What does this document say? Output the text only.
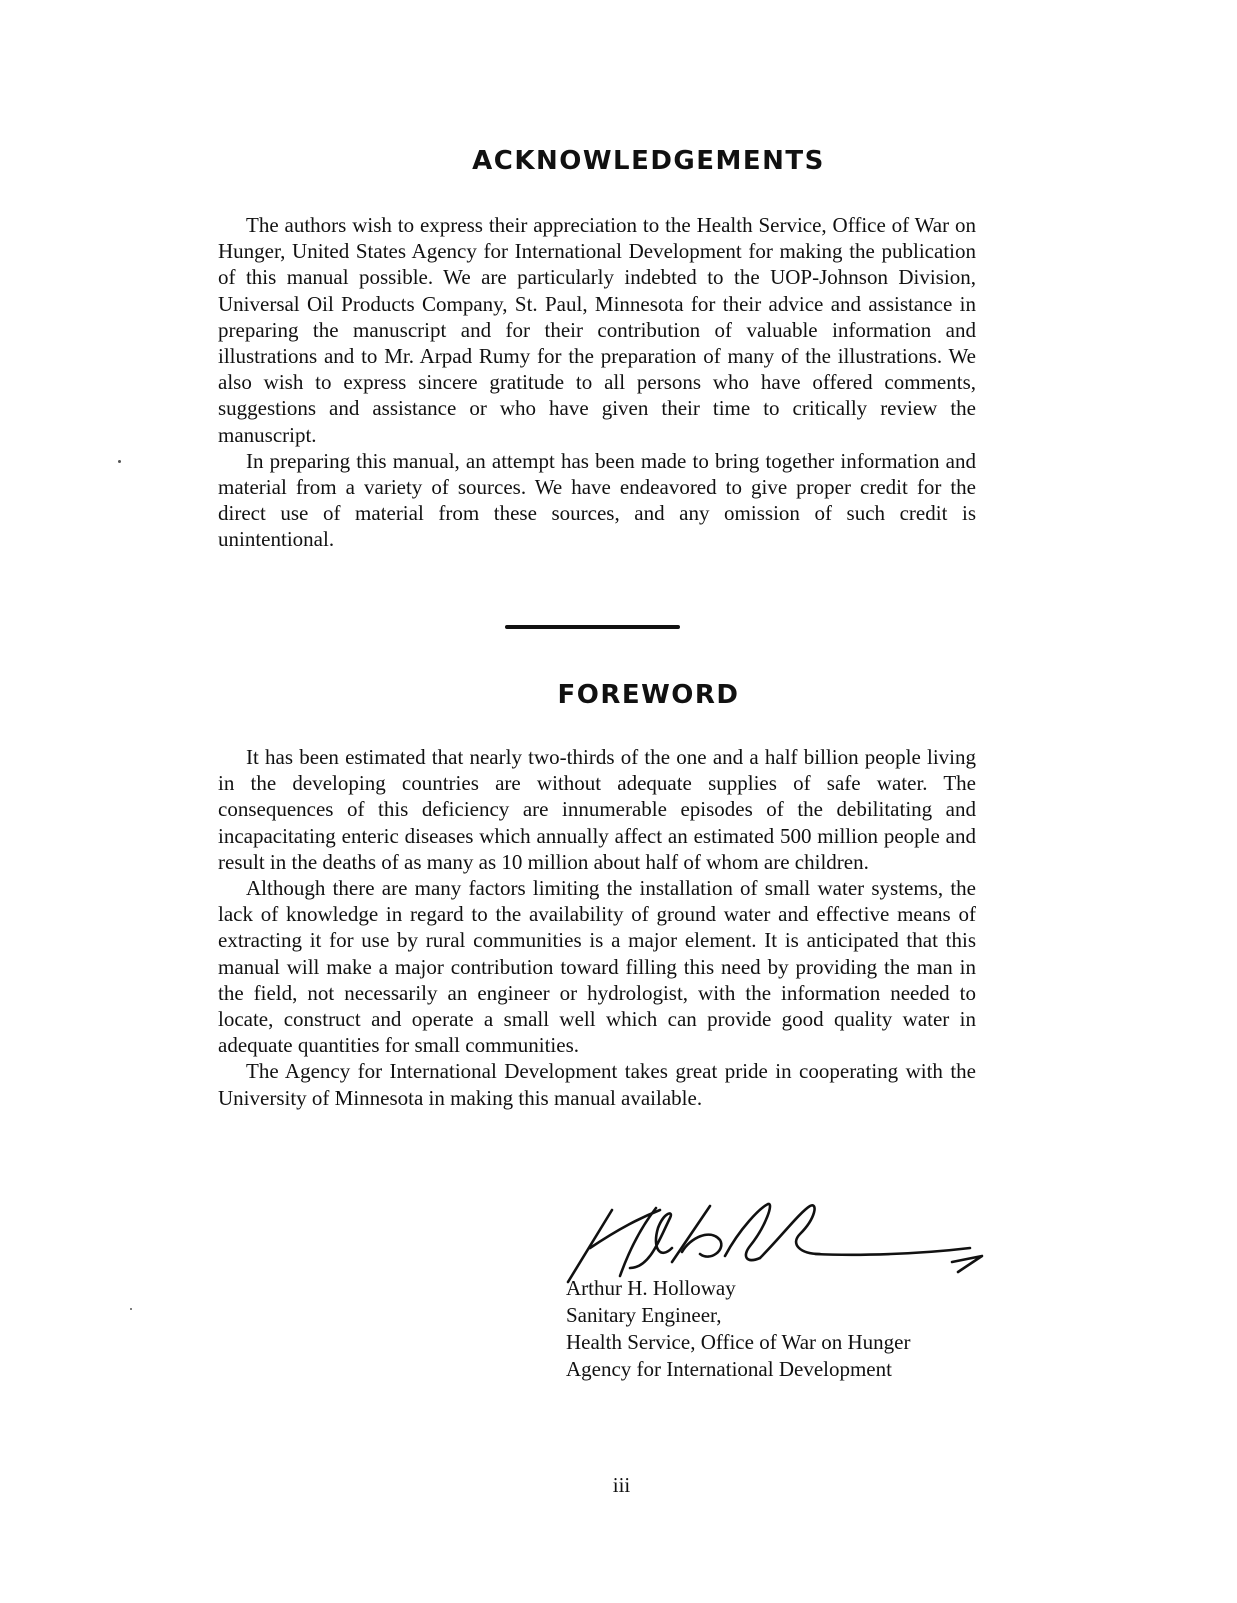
ACKNOWLEDGEMENTS

The authors wish to express their appreciation to the Health Service, Office of War on Hunger, United States Agency for International Development for making the publication of this manual possible. We are particularly indebted to the UOP-Johnson Division, Universal Oil Products Company, St. Paul, Minnesota for their advice and assistance in preparing the manuscript and for their contribution of valuable information and illustrations and to Mr. Arpad Rumy for the preparation of many of the illustrations. We also wish to express sincere gratitude to all persons who have offered comments, suggestions and assistance or who have given their time to critically review the manuscript.

In preparing this manual, an attempt has been made to bring together information and material from a variety of sources. We have endeavored to give proper credit for the direct use of material from these sources, and any omission of such credit is unintentional.

FOREWORD

It has been estimated that nearly two-thirds of the one and a half billion people living in the developing countries are without adequate supplies of safe water. The consequences of this deficiency are innumerable episodes of the debilitating and incapacitating enteric diseases which annually affect an estimated 500 million people and result in the deaths of as many as 10 million about half of whom are children.

Although there are many factors limiting the installation of small water systems, the lack of knowledge in regard to the availability of ground water and effective means of extracting it for use by rural communities is a major element. It is anticipated that this manual will make a major contribution toward filling this need by providing the man in the field, not necessarily an engineer or hydrologist, with the information needed to locate, construct and operate a small well which can provide good quality water in adequate quantities for small communities.

The Agency for International Development takes great pride in cooperating with the University of Minnesota in making this manual available.

Arthur H. Holloway
Sanitary Engineer,
Health Service, Office of War on Hunger
Agency for International Development
iii
